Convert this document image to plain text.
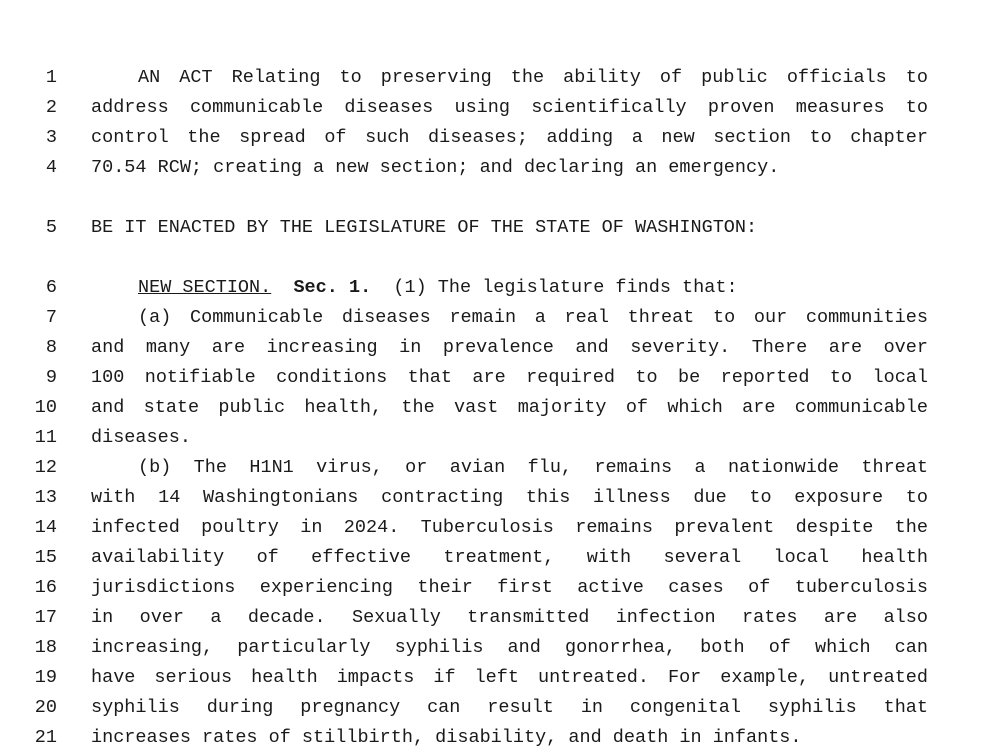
1	AN ACT Relating to preserving the ability of public officials to
2 address communicable diseases using scientifically proven measures to
3 control the spread of such diseases; adding a new section to chapter
4 70.54 RCW; creating a new section; and declaring an emergency.
5 BE IT ENACTED BY THE LEGISLATURE OF THE STATE OF WASHINGTON:
6	NEW SECTION. Sec. 1. (1) The legislature finds that:
7	(a) Communicable diseases remain a real threat to our communities
8 and many are increasing in prevalence and severity. There are over
9 100 notifiable conditions that are required to be reported to local
10 and state public health, the vast majority of which are communicable
11 diseases.
12	(b) The H1N1 virus, or avian flu, remains a nationwide threat
13 with 14 Washingtonians contracting this illness due to exposure to
14 infected poultry in 2024. Tuberculosis remains prevalent despite the
15 availability of effective treatment, with several local health
16 jurisdictions experiencing their first active cases of tuberculosis
17 in over a decade. Sexually transmitted infection rates are also
18 increasing, particularly syphilis and gonorrhea, both of which can
19 have serious health impacts if left untreated. For example, untreated
20 syphilis during pregnancy can result in congenital syphilis that
21 increases rates of stillbirth, disability, and death in infants.
